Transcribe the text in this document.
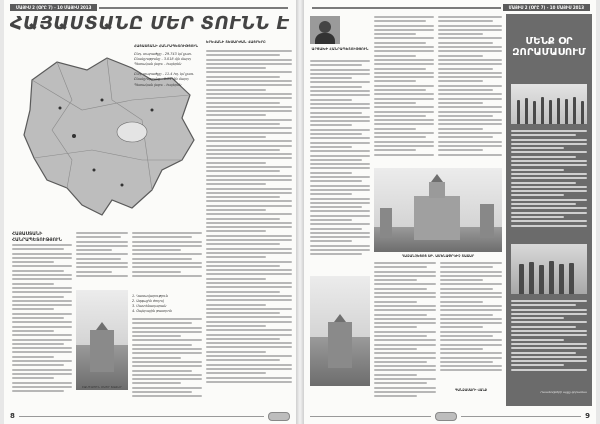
ՄԱՅԻՍ 2 (ՕՐԸ 7) - 10 ՄԱՅԻՍ 2013
ՀԱՅԱՍՏԱՆԸ ՄԵՐ ՏՈՒՆՆ Է
ՀԱՅԱՍՏԱՆԻ ՀԱՆՐԱՊԵՏՈՒԹՅՈՒՆ
Ընդ. տարածքը - 29.743 կմ քառ․
Բնակչությունը - 3.018 մլն մարդ
Պետական լեզու - հայերեն
Ընդ. տարածքը - 11.4 հզ․ կմ քառ․
Բնակչությունը - 0.14 մլն մարդ
Պետական լեզու - հայերեն
ՀԱՅԱՍՏԱՆԻ ՀԱՆՐԱՊԵՏՈՒԹՅՈՒՆ
ԷՋՄԻԱԾԻՆ ՄԱՅՐ ՏԱՃԱՐ
1. Կառավարություն
2. Ազգային ժողով
3. Մատենադարան
4. Օպերային թատրոն
ԵՐԵՎԱՆԻ ՏԵՍԱՐԺԱՆ ՎԱՅՐԵՐԸ
8
ՄԱՅԻՍ 2 (ՕՐԸ 7) - 10 ՄԱՅԻՍ 2013
ԱՐՑԱԽԻ ՀԱՆՐԱՊԵՏՈՒԹՅՈՒՆ
ՂԱԶԱՆՉԵՑՈՑ ՍԲ. ԱՄԵՆԱՓՐԿԻՉ ՏԱՃԱՐ
ԳԱՆՁԱՍԱՐԻ ՎԱՆՔ
ՄԵՆՔ ՕՐ ԶՈՐԱՄԱՍՈՒՄ
Ուսանողների այցը զորամաս
9
